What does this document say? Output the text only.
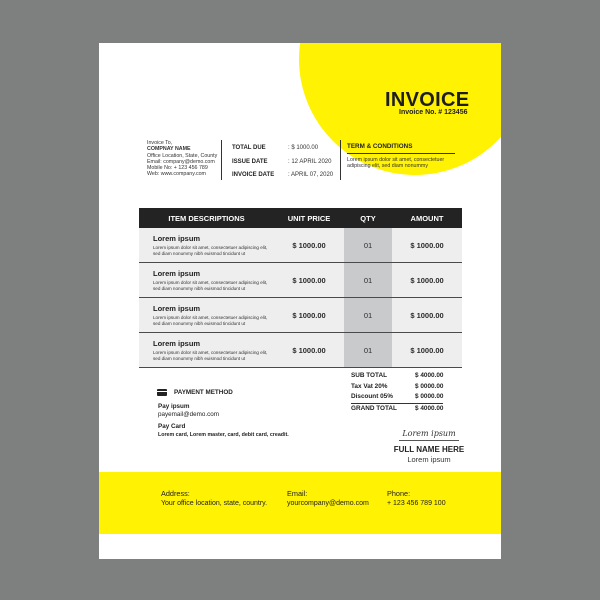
INVOICE
Invoice No. # 123456
Invoice To,
COMPNAY NAME
Office Location, State, County
Email: company@demo.com
Mobile No: + 123 456 789
Web: www.company.com
TOTAL DUE	: $ 1000.00
ISSUE DATE	: 12 APRIL 2020
INVOICE DATE	: APRIL 07, 2020
TERM & CONDITIONS
Lorem ipsum dolor sit amet, consectetuer adipiscing elit, sed diam nonummy
ITEM DESCRIPTIONS	UNIT PRICE	QTY	AMOUNT
Lorem ipsum
Lorem ipsum dolor sit amet, consectetuer adipiscing elit, sed diam nonummy nibh euismod tincidunt ut
$ 1000.00	01	$ 1000.00
Lorem ipsum
Lorem ipsum dolor sit amet, consectetuer adipiscing elit, sed diam nonummy nibh euismod tincidunt ut
$ 1000.00	01	$ 1000.00
Lorem ipsum
Lorem ipsum dolor sit amet, consectetuer adipiscing elit, sed diam nonummy nibh euismod tincidunt ut
$ 1000.00	01	$ 1000.00
Lorem ipsum
Lorem ipsum dolor sit amet, consectetuer adipiscing elit, sed diam nonummy nibh euismod tincidunt ut
$ 1000.00	01	$ 1000.00
SUB TOTAL	$ 4000.00
Tax Vat 20%	$ 0000.00
Discount 05%	$ 0000.00
GRAND TOTAL	$ 4000.00
PAYMENT METHOD
Pay ipsum
payemail@demo.com
Pay Card
Lorem card, Lorem master, card, debit card, creadit.	Lorem ipsum
FULL NAME HERE
Lorem ipsum
Address:
Your office location, state, country.
Email:
yourcompany@demo.com
Phone:
+ 123 456 789 100
